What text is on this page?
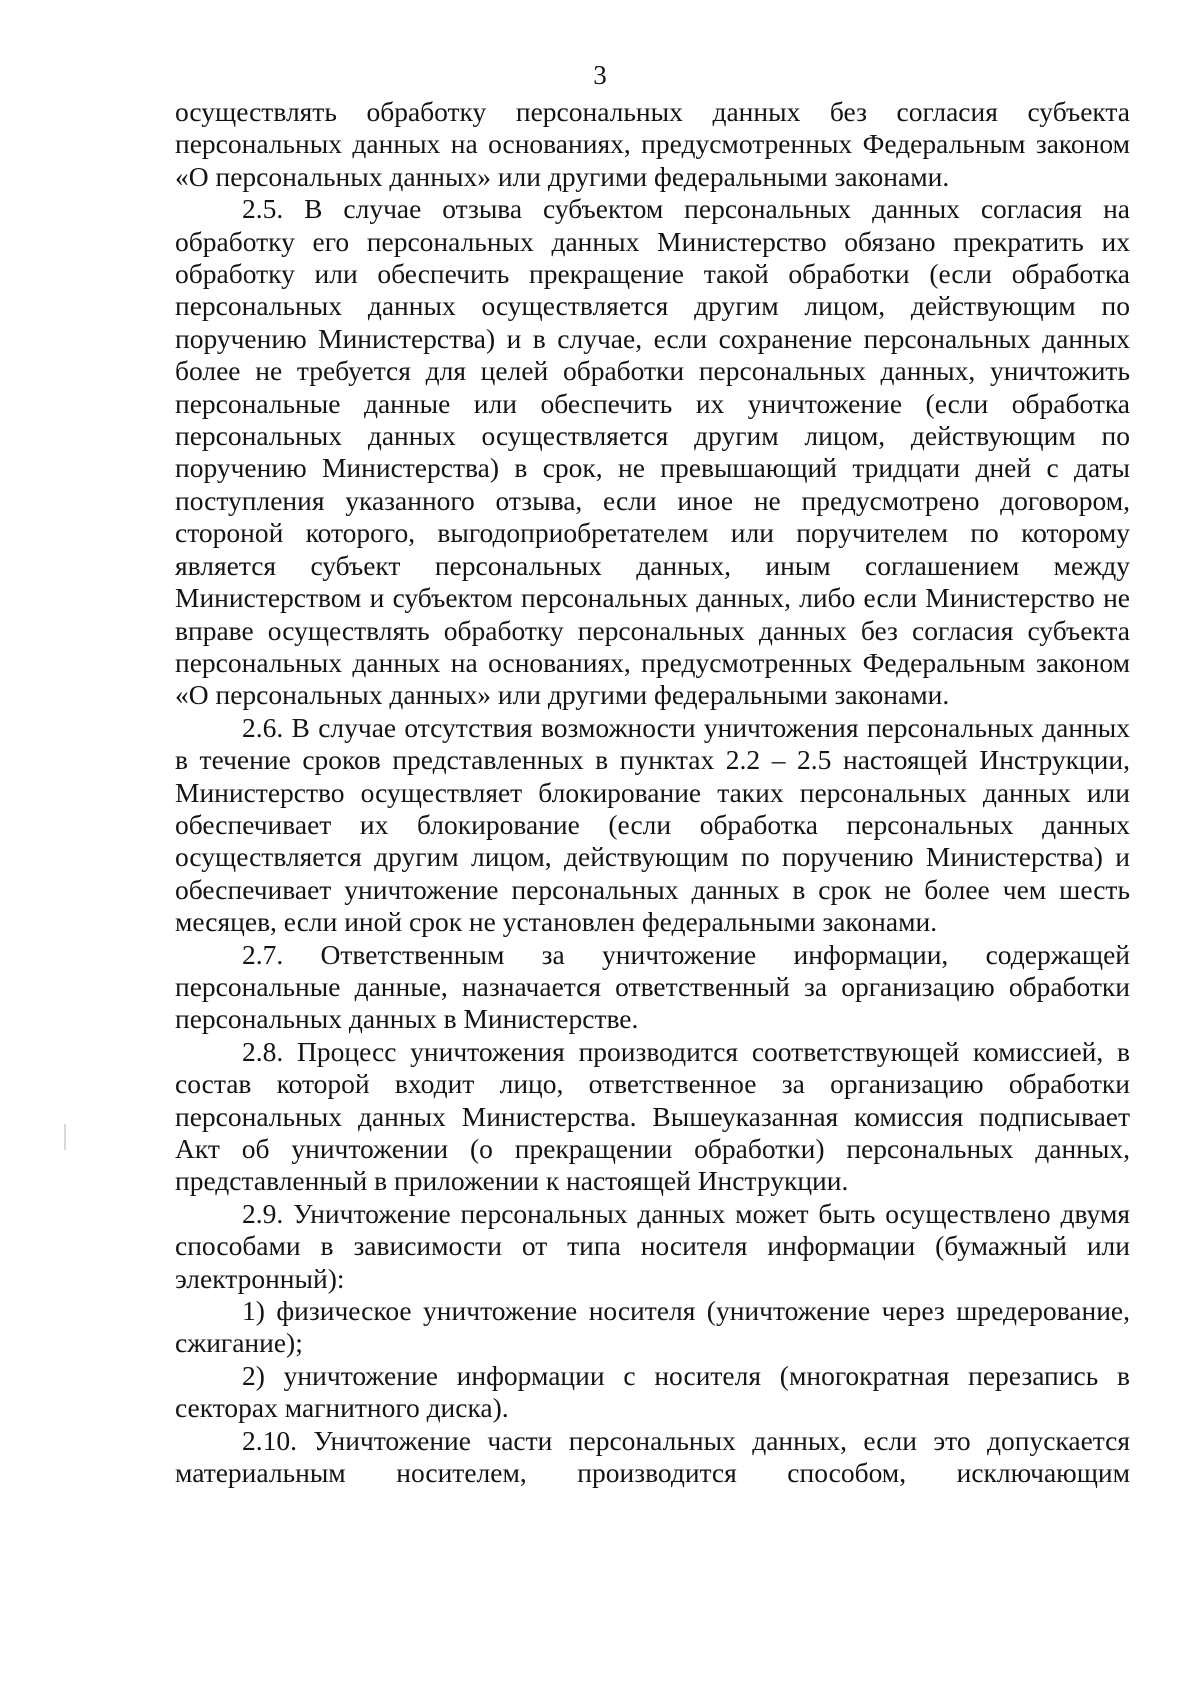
3

осуществлять обработку персональных данных без согласия субъекта персональных данных на основаниях, предусмотренных Федеральным законом «О персональных данных» или другими федеральными законами.

2.5. В случае отзыва субъектом персональных данных согласия на обработку его персональных данных Министерство обязано прекратить их обработку или обеспечить прекращение такой обработки (если обработка персональных данных осуществляется другим лицом, действующим по поручению Министерства) и в случае, если сохранение персональных данных более не требуется для целей обработки персональных данных, уничтожить персональные данные или обеспечить их уничтожение (если обработка персональных данных осуществляется другим лицом, действующим по поручению Министерства) в срок, не превышающий тридцати дней с даты поступления указанного отзыва, если иное не предусмотрено договором, стороной которого, выгодоприобретателем или поручителем по которому является субъект персональных данных, иным соглашением между Министерством и субъектом персональных данных, либо если Министерство не вправе осуществлять обработку персональных данных без согласия субъекта персональных данных на основаниях, предусмотренных Федеральным законом «О персональных данных» или другими федеральными законами.

2.6. В случае отсутствия возможности уничтожения персональных данных в течение сроков представленных в пунктах 2.2 – 2.5 настоящей Инструкции, Министерство осуществляет блокирование таких персональных данных или обеспечивает их блокирование (если обработка персональных данных осуществляется другим лицом, действующим по поручению Министерства) и обеспечивает уничтожение персональных данных в срок не более чем шесть месяцев, если иной срок не установлен федеральными законами.

2.7. Ответственным за уничтожение информации, содержащей персональные данные, назначается ответственный за организацию обработки персональных данных в Министерстве.

2.8. Процесс уничтожения производится соответствующей комиссией, в состав которой входит лицо, ответственное за организацию обработки персональных данных Министерства. Вышеуказанная комиссия подписывает Акт об уничтожении (о прекращении обработки) персональных данных, представленный в приложении к настоящей Инструкции.

2.9. Уничтожение персональных данных может быть осуществлено двумя способами в зависимости от типа носителя информации (бумажный или электронный):

1) физическое уничтожение носителя (уничтожение через шредерование, сжигание);

2) уничтожение информации с носителя (многократная перезапись в секторах магнитного диска).

2.10. Уничтожение части персональных данных, если это допускается материальным носителем, производится способом, исключающим
